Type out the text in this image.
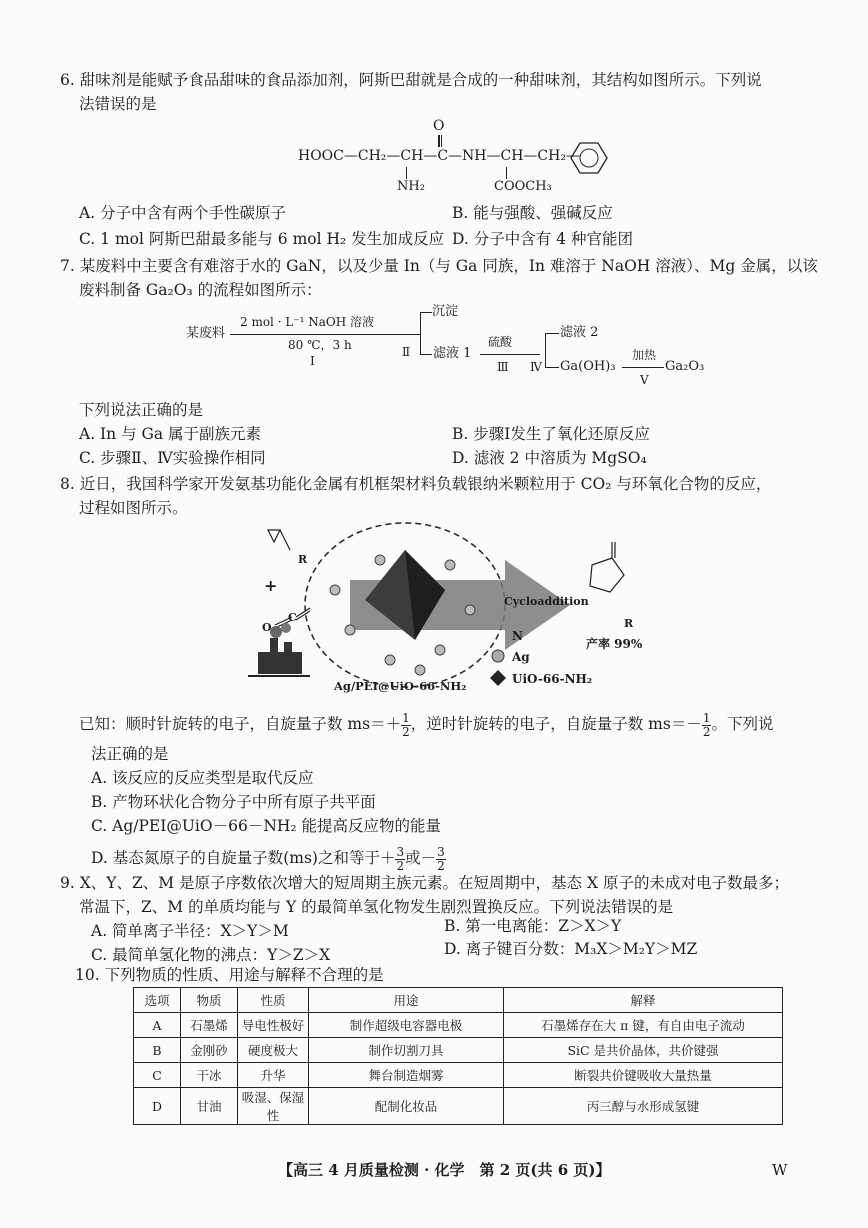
6. 甜味剂是能赋予食品甜味的食品添加剂，阿斯巴甜就是合成的一种甜味剂，其结构如图所示。下列说
法错误的是
HOOC—CH₂—CH—C—NH—CH—CH₂—
O
NH₂	COOCH₃
A. 分子中含有两个手性碳原子	B. 能与强酸、强碱反应
C. 1 mol 阿斯巴甜最多能与 6 mol H₂ 发生加成反应 D. 分子中含有 4 种官能团
7. 某废料中主要含有难溶于水的 GaN，以及少量 In（与 Ga 同族，In 难溶于 NaOH 溶液）、Mg 金属，以该
废料制备 Ga₂O₃ 的流程如图所示：
某废料
2 mol · L⁻¹ NaOH 溶液
80 ℃，3 h
Ⅰ
Ⅱ
沉淀
滤液 1
硫酸
Ⅲ Ⅳ
滤液 2
Ga(OH)₃
加热
Ga₂O₃
Ⅴ
下列说法正确的是
A. In 与 Ga 属于副族元素	B. 步骤Ⅰ发生了氧化还原反应
C. 步骤Ⅱ、Ⅳ实验操作相同	D. 滤液 2 中溶质为 MgSO₄
8. 近日，我国科学家开发氨基功能化金属有机框架材料负载银纳米颗粒用于 CO₂ 与环氧化合物的反应，
过程如图所示。
+
R
O
C
Cycloaddition
R
产率 99%
N
Ag
UiO-66-NH₂
Ag/PEI@UiO-66-NH₂
已知：顺时针旋转的电子，自旋量子数 $ms=+ \frac{1}{2}$ ，逆时针旋转的电子，自旋量子数 $ms=- \frac{1}{2}$ 。下列说
法正确的是
A. 该反应的反应类型是取代反应
B. 产物环状化合物分子中所有原子共平面
C. Ag/PEI@UiO－66－NH₂ 能提高反应物的能量
D. 基态氮原子的自旋量子数(ms)之和等于＋ $\frac{3}{2}$ 或－ $\frac{3}{2}$
9. X、Y、Z、M 是原子序数依次增大的短周期主族元素。在短周期中，基态 X 原子的未成对电子数最多；
常温下，Z、M 的单质均能与 Y 的最简单氢化物发生剧烈置换反应。下列说法错误的是
A. 简单离子半径：X＞Y＞M	B. 第一电离能：Z＞X＞Y
C. 最简单氢化物的沸点：Y＞Z＞X	D. 离子键百分数：M₃X＞M₂Y＞MZ
10. 下列物质的性质、用途与解释不合理的是
选项	物质	性质	用途	解释
A	石墨烯	导电性极好	制作超级电容器电极	石墨烯存在大 π 键，有自由电子流动
B	金刚砂	硬度极大	制作切割刀具	SiC 是共价晶体，共价键强
C	干冰	升华	舞台制造烟雾	断裂共价键吸收大量热量
D	甘油	吸湿、保湿性	配制化妆品	丙三醇与水形成氢键
【高三 4 月质量检测 · 化学　第 2 页(共 6 页)】	W
